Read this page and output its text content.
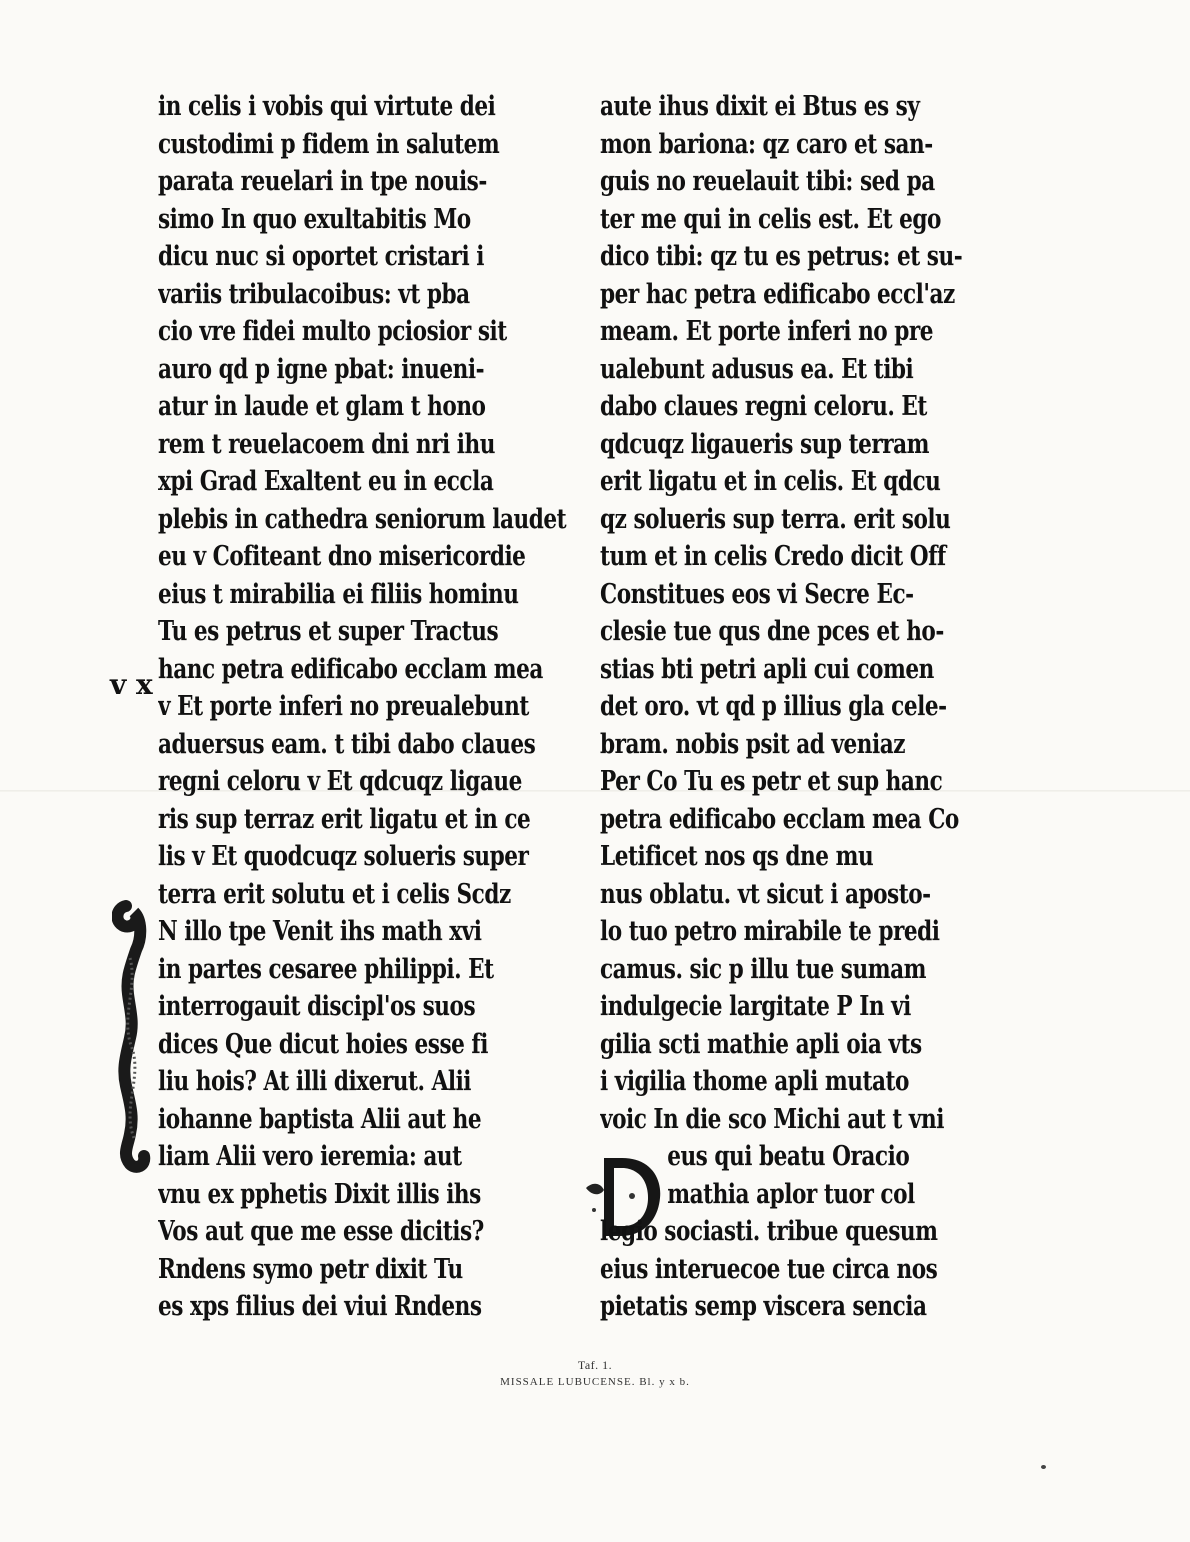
v x
in celis i vobis qui virtute dei
custodimi p fidem in salutem
parata reuelari in tpe nouis-
simo In quo exultabitis Mo
dicu nuc si oportet cristari i
variis tribulacoibus: vt pba
cio vre fidei multo pciosior sit
auro qd p igne pbat: inueni-
atur in laude et glam t hono
rem t reuelacoem dni nri ihu
xpi Grad Exaltent eu in eccla
plebis in cathedra seniorum laudet
eu v Cofiteant dno misericordie
eius t mirabilia ei filiis hominu
Tu es petrus et super Tractus
hanc petra edificabo ecclam mea
v Et porte inferi no preualebunt
aduersus eam. t tibi dabo claues
regni celoru v Et qdcuqz ligaue
ris sup terraz erit ligatu et in ce
lis v Et quodcuqz solueris super
terra erit solutu et i celis Scdz
N illo tpe Venit ihs math xvi
in partes cesaree philippi. Et
interrogauit discipl'os suos
dices Que dicut hoies esse fi
liu hois? At illi dixerut. Alii
iohanne baptista Alii aut he
liam Alii vero ieremia: aut
vnu ex pphetis Dixit illis ihs
Vos aut que me esse dicitis?
Rndens symo petr dixit Tu
es xps filius dei viui Rndens
aute ihus dixit ei Btus es sy
mon bariona: qz caro et san-
guis no reuelauit tibi: sed pa
ter me qui in celis est. Et ego
dico tibi: qz tu es petrus: et su-
per hac petra edificabo eccl'az
meam. Et porte inferi no pre
ualebunt adusus ea. Et tibi
dabo claues regni celoru. Et
qdcuqz ligaueris sup terram
erit ligatu et in celis. Et qdcu
qz solueris sup terra. erit solu
tum et in celis Credo dicit Off
Constitues eos vi Secre Ec-
clesie tue qus dne pces et ho-
stias bti petri apli cui comen
det oro. vt qd p illius gla cele-
bram. nobis psit ad veniaz
Per Co Tu es petr et sup hanc
petra edificabo ecclam mea Co
Letificet nos qs dne mu
nus oblatu. vt sicut i aposto-
lo tuo petro mirabile te predi
camus. sic p illu tue sumam
indulgecie largitate P In vi
gilia scti mathie apli oia vts
i vigilia thome apli mutato
voic In die sco Michi aut t vni
eus qui beatu Oracio
mathia aplor tuor col
legio sociasti. tribue quesum
eius interuecoe tue circa nos
pietatis semp viscera sencia
Taf. 1.
MISSALE LUBUCENSE. Bl. y x b.
